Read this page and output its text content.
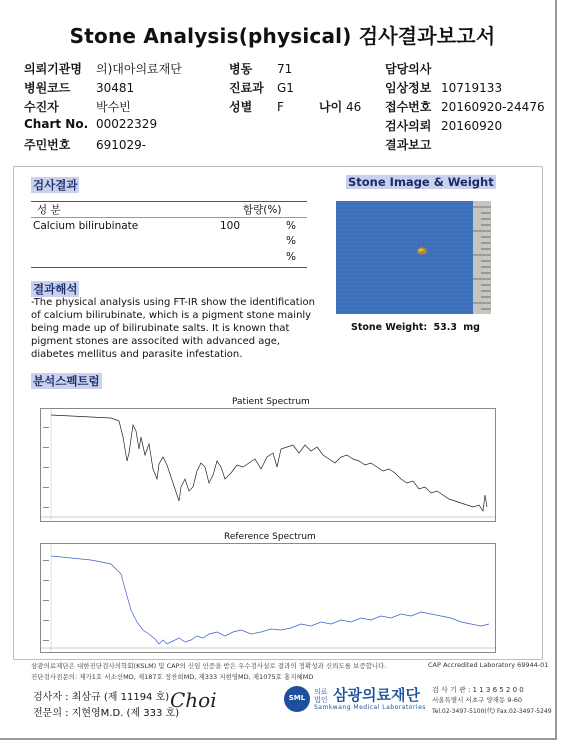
Stone Analysis(physical) 검사결과보고서
의뢰기관명 의)대아의료재단
병원코드 30481
수진자	박수빈
Chart No. 00022329
주민번호 691029-
병동 71
진료과 G1
성별 F	나이 46
담당의사
임상정보 10719133
접수번호 20160920-24476
검사의뢰 20160920
결과보고
검사결과
성 분	함량(%)
Calcium bilirubinate	100	%
%
%
결과해석
-The physical analysis using FT-IR show the identification of calcium bilirubinate, which is a pigment stone mainly being made up of bilirubinate salts. It is known that pigment stones are associted with advanced age, diabetes mellitus and parasite infestation.
Stone Image & Weight
Stone Weight: 53.3 mg
분석스펙트럼
Patient Spectrum
Reference Spectrum
삼광의료재단은 대한진단검사의학회(KSLM) 및 CAP의 신임 인증을 받은 우수검사실로 결과의 정확성과 신뢰도를 보증합니다.
진단검사전문의: 제가1호 서소선MD, 제187호 정찬희MD, 제333 지현영MD, 제1075호 홍지혜MD
CAP Accredited Laboratory 69944-01
검사자 : 최삼규 (제 11194 호)
전문의 : 지현영M.D. (제 333 호)
Choi	SML
의료
법인 삼광의료재단
Samkwang Medical Laboratories
검 사 기 관 : 1 1 3 6 5 2 0 0
서울특별시 서초구 양재동 9-60
Tel.02-3497-5100(代) Fax.02-3497-5249
